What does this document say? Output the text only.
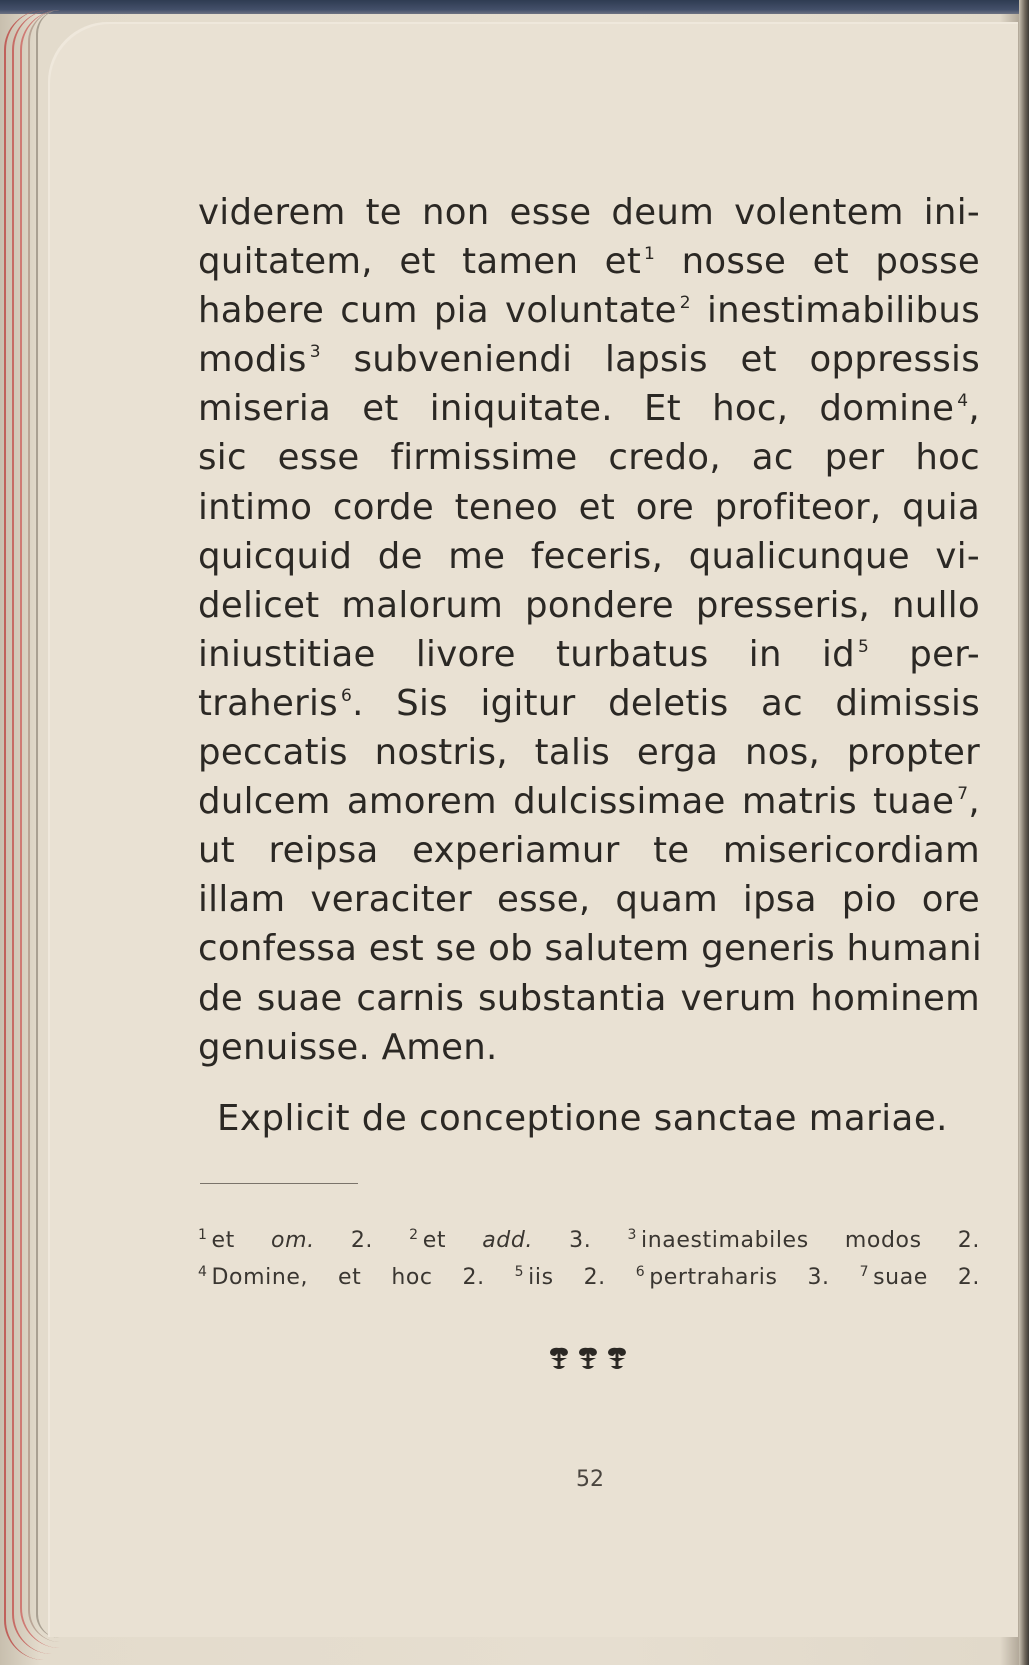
viderem te non esse deum volentem ini-
quitatem, et tamen et $^1$ nosse et posse
habere cum pia voluntate $^2$ inestimabilibus
modis $^3$ subveniendi lapsis et oppressis
miseria et iniquitate. Et hoc, domine $^4$,
sic esse firmissime credo, ac per hoc
intimo corde teneo et ore profiteor, quia
quicquid de me feceris, qualicunque vi-
delicet malorum pondere presseris, nullo
iniustitiae livore turbatus in id $^5$ per-
traheris $^6$. Sis igitur deletis ac dimissis
peccatis nostris, talis erga nos, propter
dulcem amorem dulcissimae matris tuae $^7$,
ut reipsa experiamur te misericordiam
illam veraciter esse, quam ipsa pio ore
confessa est se ob salutem generis humani
de suae carnis substantia verum hominem
genuisse. Amen.
Explicit de conceptione sanctae mariae.
$^1$ et om. 2.	$^2$ et add. 3.	$^3$ inaestimabiles modos 2.
$^4$ Domine, et hoc 2. $^5$ iis 2. $^6$ pertraharis 3. $^7$ suae 2.
52
